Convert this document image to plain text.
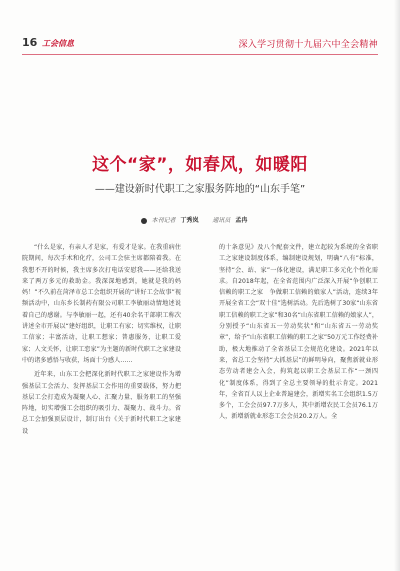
16 工会信息	深入学习贯彻十九届六中全会精神
这个“家”，如春风，如暖阳
——建设新时代职工之家服务阵地的“山东手笔”
本刊记者 丁秀岚 通讯员 孟冉

“什么是家，有亲人才是家，有爱才是家。在我重病住院期间，每次手术和化疗，公司工会驻主席都陪着我。在我想不开的时候，我主席多次打电话安慰我——还给我送来了两万多元的救助金。我深深地感到，她就是我的妈妈！”不久前在菏泽市总工会组织开展的“讲好工会故事”视频活动中，山东乡长制药有限公司职工李敏丽动情地述说着自己的感谢。与李敏丽一起，还有40余名干部职工称次讲述全市开展以“建好组织，让职工有家；切实维权，让职工信家；丰富活动，让职工想家；普惠服务，让职工爱家；人文关怀，让职工恋家”为主题的新时代职工之家建设中的诸多感悟与收获，场面十分感人……

近年来，山东工会把深化新时代职工之家建设作为增强基层工会活力、发挥基层工会作用的重要载体，努力把基层工会打造成为凝聚人心、汇聚力量、服务职工的坚强阵地，切实增强工会组织的吸引力、凝聚力、战斗力。省总工会加强顶层设计，制订出台《关于新时代职工之家建设

的十条意见》及八个配套文件，建立起较为系统的全省职工之家建设制度体系，编制建设规划，明确“八有”标准，坚持“会、站、家”一体化建设，满足职工多元化个性化需求。自2018年起，在全省范围内广泛深入开展“争创职工信赖的职工之家　争做职工信赖的娘家人”活动，连续3年开展全省工会“双十佳”选树活动。先后选树了30家“山东省职工信赖的职工之家”和30名“山东省职工信赖的娘家人”，分别授予“山东省五一劳动奖状”和“山东省五一劳动奖章”，给予“山东省职工信赖的职工之家”50万元工作经费补助，极大地推动了全省基层工会规范化建设。2021年以来，省总工会坚持“大抓基层”的鲜明导向，聚焦新就业形态劳动者建会入会，拘筑起以职工会基层工作“一颈四化”制度体系，得到了全总主要领导的批示肯定。2021年，全省百人以上企业普遍建会，新增实名工会组织1.5万多个，工会会员97.7万多人，其中新增农民工会员76.1万人，新增新就业形态工会会员20.2万人。全
